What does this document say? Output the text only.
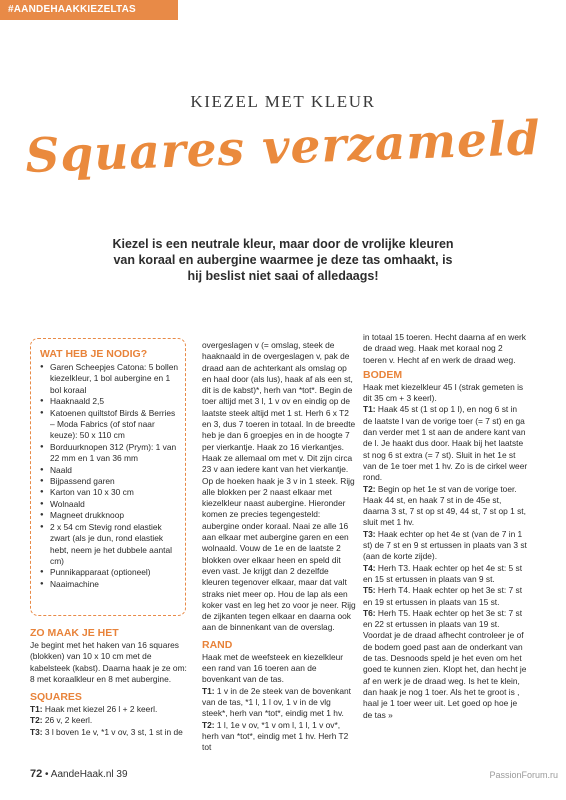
#AANDEHAAKKIEZELTAS
KIEZEL MET KLEUR
Squares verzameld
Kiezel is een neutrale kleur, maar door de vrolijke kleuren van koraal en aubergine waarmee je deze tas omhaakt, is hij beslist niet saai of alledaags!
WAT HEB JE NODIG?
● Garen Scheepjes Catona: 5 bollen kiezelkleur, 1 bol aubergine en 1 bol koraal
● Haaknaald 2,5
● Katoenen quiltstof Birds & Berries – Moda Fabrics (of stof naar keuze): 50 x 110 cm
● Borduurknopen 312 (Prym): 1 van 22 mm en 1 van 36 mm
● Naald
● Bijpassend garen
● Karton van 10 x 30 cm
● Wolnaald
● Magneet drukknoop
● 2 x 54 cm Stevig rond elastiek zwart (als je dun, rond elastiek hebt, neem je het dubbele aantal cm)
● Punnikapparaat (optioneel)
● Naaimachine
ZO MAAK JE HET

Je begint met het haken van 16 squares (blokken) van 10 x 10 cm met de kabelsteek (kabst). Daarna haak je ze om: 8 met koraalkleur en 8 met aubergine.

SQUARES

T1: Haak met kiezel 26 l + 2 keerl.

T2: 26 v, 2 keerl.

T3: 3 l boven 1e v, *1 v ov, 3 st, 1 st in de

overgeslagen v (= omslag, steek de haaknaald in de overgeslagen v, pak de draad aan de achterkant als omslag op en haal door (als lus), haak af als een st, dit is de kabst)*, herh van *tot*. Begin de toer altijd met 3 l, 1 v ov en eindig op de laatste steek altijd met 1 st. Herh 6 x T2 en 3, dus 7 toeren in totaal. In de breedte heb je dan 6 groepjes en in de hoogte 7 per vierkantje. Haak zo 16 vierkantjes. Haak ze allemaal om met v. Dit zijn circa 23 v aan iedere kant van het vierkantje. Op de hoeken haak je 3 v in 1 steek. Rijg alle blokken per 2 naast elkaar met kiezelkleur naast aubergine. Hieronder komen ze precies tegengesteld: aubergine onder koraal. Naai ze alle 16 aan elkaar met aubergine garen en een wolnaald. Vouw de 1e en de laatste 2 blokken over elkaar heen en speld dit even vast. Je krijgt dan 2 dezelfde kleuren tegenover elkaar, maar dat valt straks niet meer op. Hou de lap als een koker vast en leg het zo voor je neer. Rijg de zijkanten tegen elkaar en daarna ook aan de binnenkant van de overslag.

RAND

Haak met de weefsteek en kiezelkleur een rand van 16 toeren aan de bovenkant van de tas.

T1: 1 v in de 2e steek van de bovenkant van de tas, *1 l, 1 l ov, 1 v in de vlg steek*, herh van *tot*, eindig met 1 hv.

T2: 1 l, 1e v ov, *1 v om l, 1 l, 1 v ov*, herh van *tot*, eindig met 1 hv. Herh T2 tot

in totaal 15 toeren. Hecht daarna af en werk de draad weg. Haak met koraal nog 2 toeren v. Hecht af en werk de draad weg.

BODEM

Haak met kiezelkleur 45 l (strak gemeten is dit 35 cm + 3 keerl).

T1: Haak 45 st (1 st op 1 l), en nog 6 st in de laatste l van de vorige toer (= 7 st) en ga dan verder met 1 st aan de andere kant van de l. Je haakt dus door. Haak bij het laatste st nog 6 st extra (= 7 st). Sluit in het 1e st van de 1e toer met 1 hv. Zo is de cirkel weer rond.

T2: Begin op het 1e st van de vorige toer. Haak 44 st, en haak 7 st in de 45e st, daarna 3 st, 7 st op st 49, 44 st, 7 st op 1 st, sluit met 1 hv.

T3: Haak echter op het 4e st (van de 7 in 1 st) de 7 st en 9 st ertussen in plaats van 3 st (aan de korte zijde).

T4: Herh T3. Haak echter op het 4e st: 5 st en 15 st ertussen in plaats van 9 st.

T5: Herh T4. Haak echter op het 3e st: 7 st en 19 st ertussen in plaats van 15 st.

T6: Herh T5. Haak echter op het 3e st: 7 st en 22 st ertussen in plaats van 19 st. Voordat je de draad afhecht controleer je of de bodem goed past aan de onderkant van de tas. Desnoods speld je het even om het goed te kunnen zien. Klopt het, dan hecht je af en werk je de draad weg. Is het te klein, dan haak je nog 1 toer. Als het te groot is , haal je 1 toer weer uit. Let goed op hoe je de tas »

72 • AandeHaak.nl 39	PassionForum.ru
